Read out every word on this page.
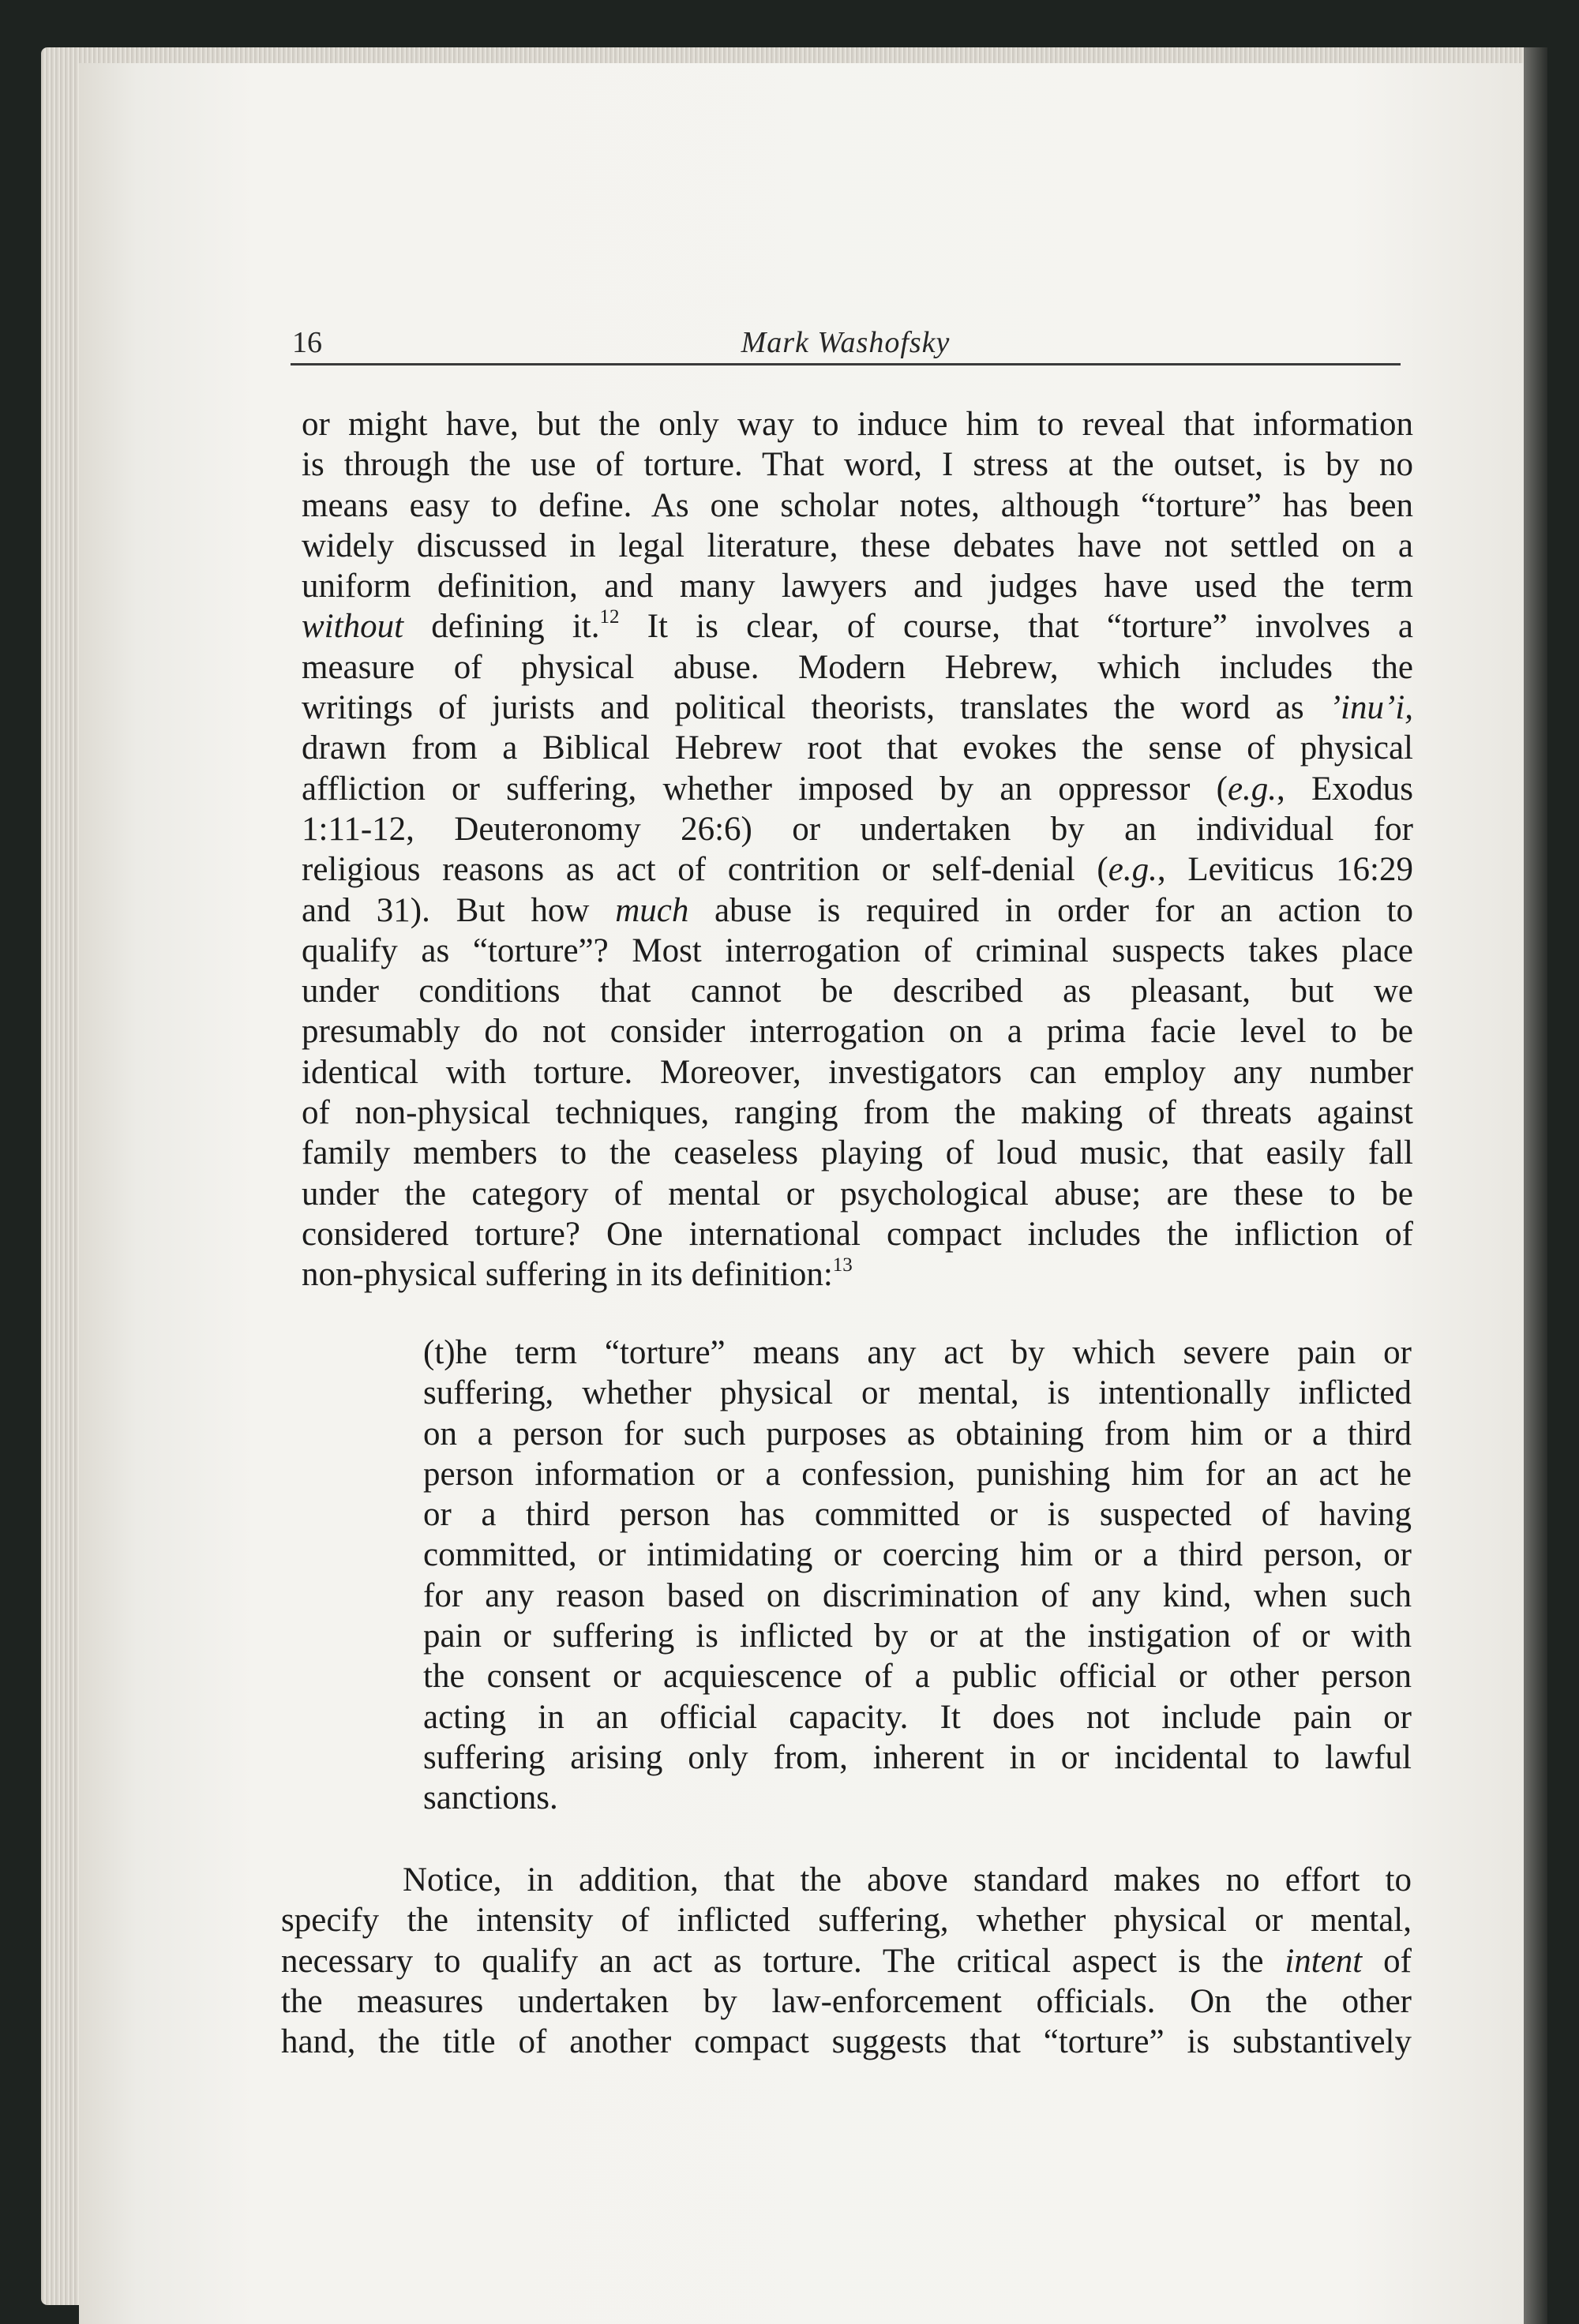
16	Mark Washofsky
or might have, but the only way to induce him to reveal that information
is through the use of torture. That word, I stress at the outset, is by no
means easy to define. As one scholar notes, although “torture” has been
widely discussed in legal literature, these debates have not settled on a
uniform definition, and many lawyers and judges have used the term
without defining it.$^{12}$ It is clear, of course, that “torture” involves a
measure of physical abuse. Modern Hebrew, which includes the
writings of jurists and political theorists, translates the word as ’inu’i,
drawn from a Biblical Hebrew root that evokes the sense of physical
affliction or suffering, whether imposed by an oppressor (e.g., Exodus
1:11-12, Deuteronomy 26:6) or undertaken by an individual for
religious reasons as act of contrition or self-denial (e.g., Leviticus 16:29
and 31). But how much abuse is required in order for an action to
qualify as “torture”? Most interrogation of criminal suspects takes place
under conditions that cannot be described as pleasant, but we
presumably do not consider interrogation on a prima facie level to be
identical with torture. Moreover, investigators can employ any number
of non-physical techniques, ranging from the making of threats against
family members to the ceaseless playing of loud music, that easily fall
under the category of mental or psychological abuse; are these to be
considered torture? One international compact includes the infliction of
non-physical suffering in its definition:$^{13}$
(t)he term “torture” means any act by which severe pain or
suffering, whether physical or mental, is intentionally inflicted
on a person for such purposes as obtaining from him or a third
person information or a confession, punishing him for an act he
or a third person has committed or is suspected of having
committed, or intimidating or coercing him or a third person, or
for any reason based on discrimination of any kind, when such
pain or suffering is inflicted by or at the instigation of or with
the consent or acquiescence of a public official or other person
acting in an official capacity. It does not include pain or
suffering arising only from, inherent in or incidental to lawful
sanctions.
Notice, in addition, that the above standard makes no effort to
specify the intensity of inflicted suffering, whether physical or mental,
necessary to qualify an act as torture. The critical aspect is the intent of
the measures undertaken by law-enforcement officials. On the other
hand, the title of another compact suggests that “torture” is substantively
